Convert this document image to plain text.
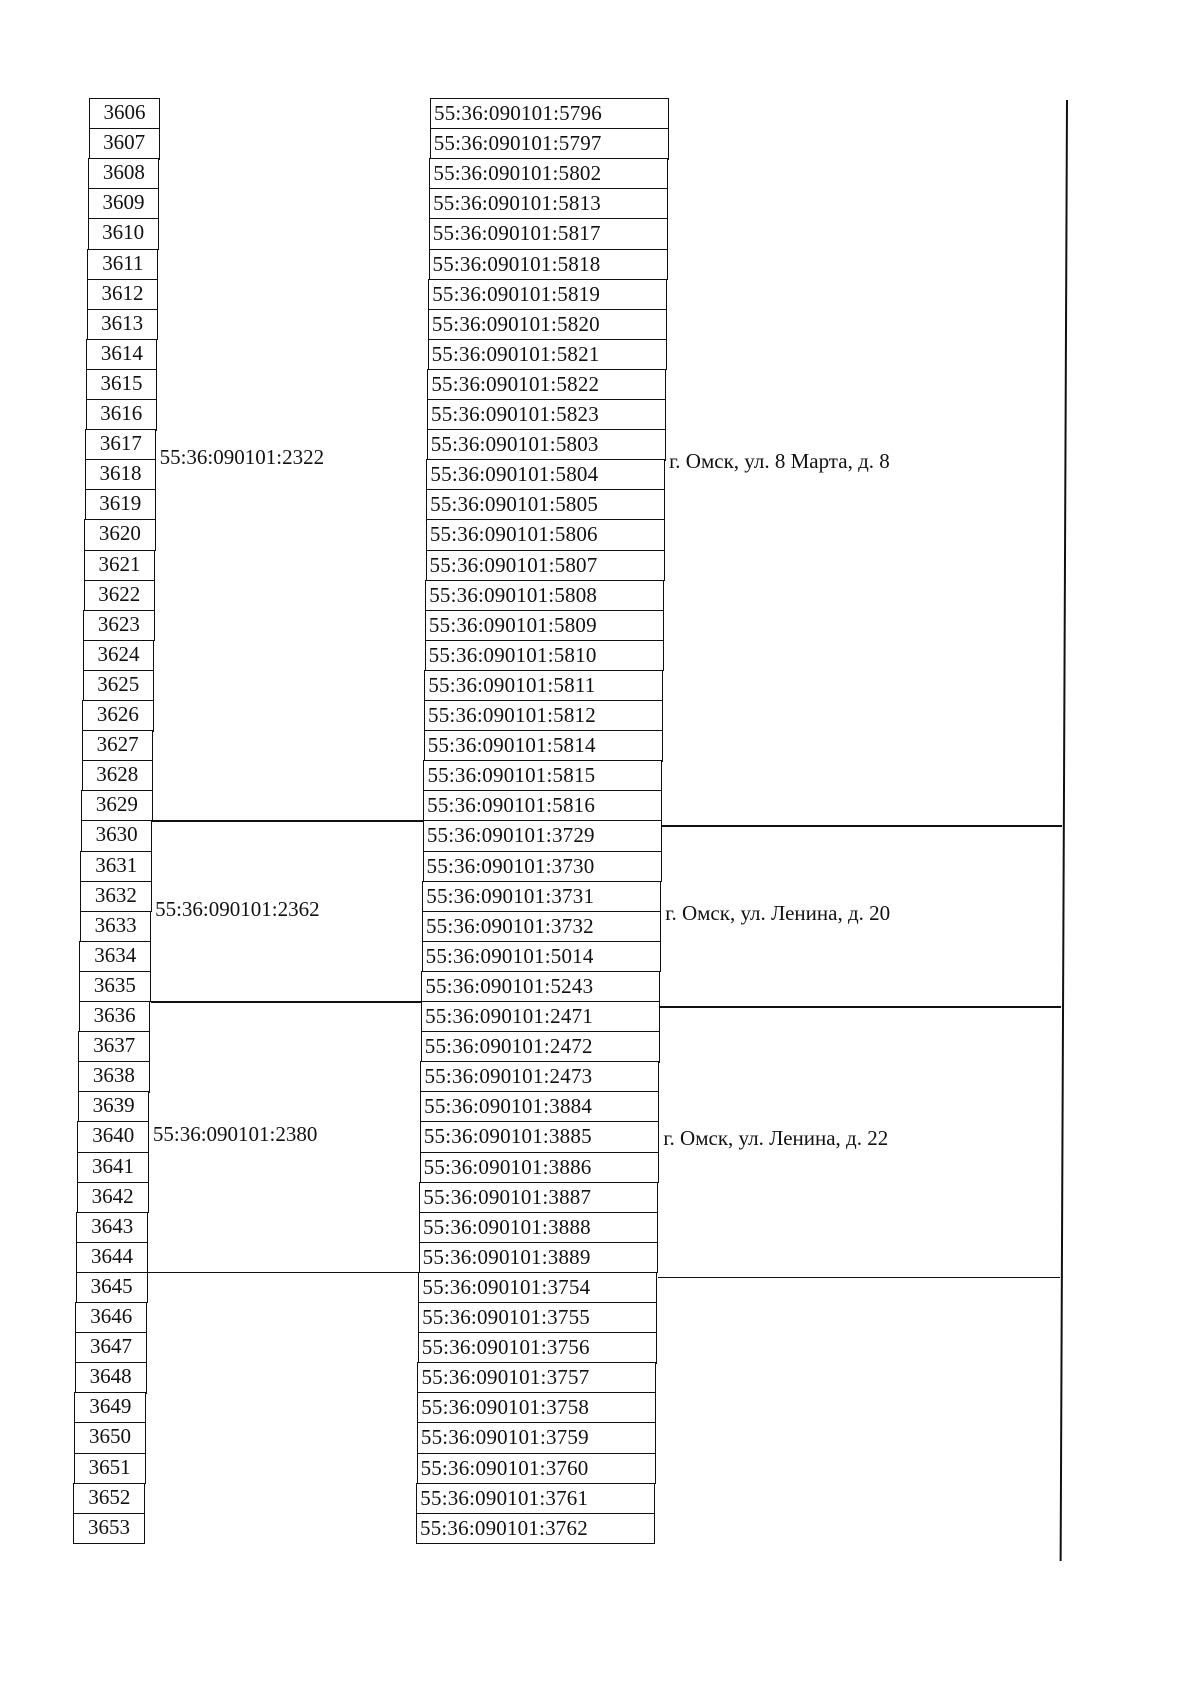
3606	55:36:090101:5796
3607	55:36:090101:5797
3608	55:36:090101:5802
3609	55:36:090101:5813
3610	55:36:090101:5817
3611	55:36:090101:5818
3612	55:36:090101:5819
3613	55:36:090101:5820
3614	55:36:090101:5821
3615	55:36:090101:5822
3616	55:36:090101:5823
3617	55:36:090101:5803
3618	55:36:090101:5804
3619	55:36:090101:5805
3620	55:36:090101:5806
3621	55:36:090101:5807
3622	55:36:090101:5808
3623	55:36:090101:5809
3624	55:36:090101:5810
3625	55:36:090101:5811
3626	55:36:090101:5812
3627	55:36:090101:5814
3628	55:36:090101:5815
3629	55:36:090101:5816
55:36:090101:2322	г. Омск, ул. 8 Марта, д. 8
3630	55:36:090101:3729
3631	55:36:090101:3730
3632	55:36:090101:3731
3633	55:36:090101:3732
3634	55:36:090101:5014
3635	55:36:090101:5243
55:36:090101:2362	г. Омск, ул. Ленина, д. 20
3636	55:36:090101:2471
3637	55:36:090101:2472
3638	55:36:090101:2473
3639	55:36:090101:3884
3640	55:36:090101:3885
3641	55:36:090101:3886
3642	55:36:090101:3887
3643	55:36:090101:3888
3644	55:36:090101:3889
55:36:090101:2380	г. Омск, ул. Ленина, д. 22
3645	55:36:090101:3754
3646	55:36:090101:3755
3647	55:36:090101:3756
3648	55:36:090101:3757
3649	55:36:090101:3758
3650	55:36:090101:3759
3651	55:36:090101:3760
3652	55:36:090101:3761
3653	55:36:090101:3762
